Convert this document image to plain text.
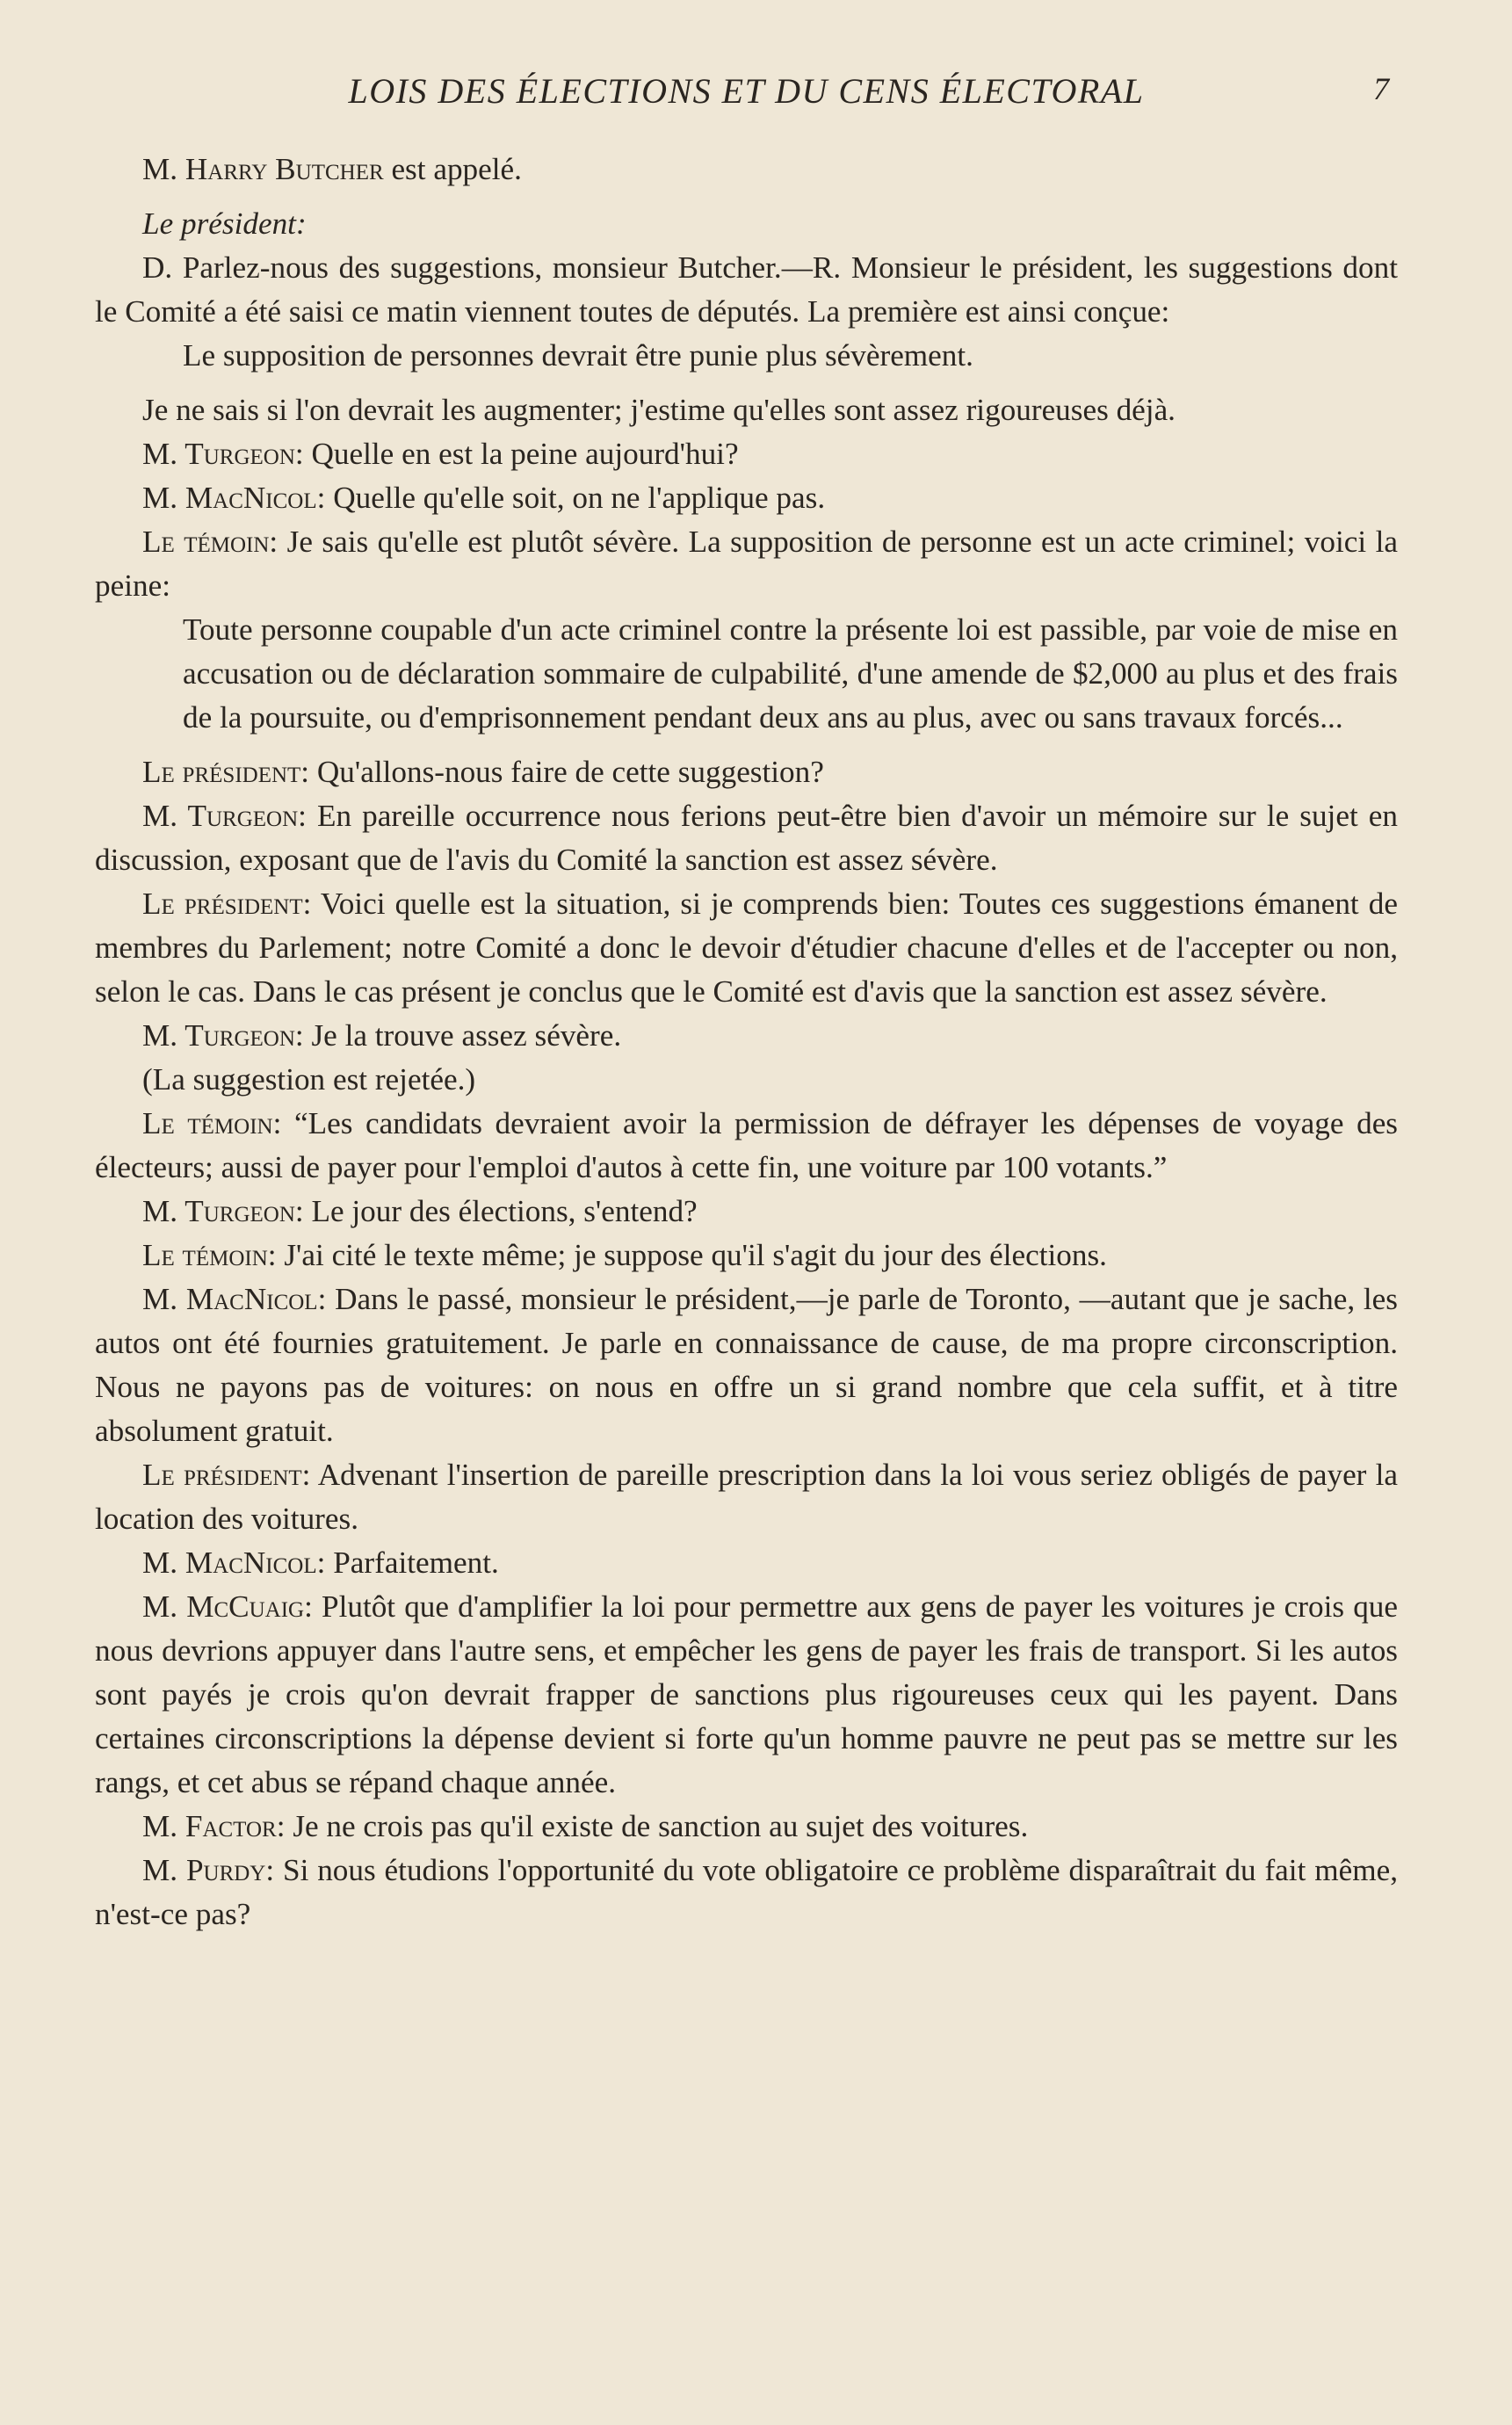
LOIS DES ÉLECTIONS ET DU CENS ÉLECTORAL	7

M. Harry Butcher est appelé.

Le président:

D. Parlez-nous des suggestions, monsieur Butcher.—R. Monsieur le président, les suggestions dont le Comité a été saisi ce matin viennent toutes de députés. La première est ainsi conçue:

Le supposition de personnes devrait être punie plus sévèrement.

Je ne sais si l'on devrait les augmenter; j'estime qu'elles sont assez rigoureuses déjà.

M. Turgeon: Quelle en est la peine aujourd'hui?

M. MacNicol: Quelle qu'elle soit, on ne l'applique pas.

Le témoin: Je sais qu'elle est plutôt sévère. La supposition de personne est un acte criminel; voici la peine:

Toute personne coupable d'un acte criminel contre la présente loi est passible, par voie de mise en accusation ou de déclaration sommaire de culpabilité, d'une amende de $2,000 au plus et des frais de la poursuite, ou d'emprisonnement pendant deux ans au plus, avec ou sans travaux forcés...

Le président: Qu'allons-nous faire de cette suggestion?

M. Turgeon: En pareille occurrence nous ferions peut-être bien d'avoir un mémoire sur le sujet en discussion, exposant que de l'avis du Comité la sanction est assez sévère.

Le président: Voici quelle est la situation, si je comprends bien: Toutes ces suggestions émanent de membres du Parlement; notre Comité a donc le devoir d'étudier chacune d'elles et de l'accepter ou non, selon le cas. Dans le cas présent je conclus que le Comité est d'avis que la sanction est assez sévère.

M. Turgeon: Je la trouve assez sévère.

(La suggestion est rejetée.)

Le témoin: “Les candidats devraient avoir la permission de défrayer les dépenses de voyage des électeurs; aussi de payer pour l'emploi d'autos à cette fin, une voiture par 100 votants.”

M. Turgeon: Le jour des élections, s'entend?

Le témoin: J'ai cité le texte même; je suppose qu'il s'agit du jour des élections.

M. MacNicol: Dans le passé, monsieur le président,—je parle de Toronto, —autant que je sache, les autos ont été fournies gratuitement. Je parle en connaissance de cause, de ma propre circonscription. Nous ne payons pas de voitures: on nous en offre un si grand nombre que cela suffit, et à titre absolument gratuit.

Le président: Advenant l'insertion de pareille prescription dans la loi vous seriez obligés de payer la location des voitures.

M. MacNicol: Parfaitement.

M. McCuaig: Plutôt que d'amplifier la loi pour permettre aux gens de payer les voitures je crois que nous devrions appuyer dans l'autre sens, et empêcher les gens de payer les frais de transport. Si les autos sont payés je crois qu'on devrait frapper de sanctions plus rigoureuses ceux qui les payent. Dans certaines circonscriptions la dépense devient si forte qu'un homme pauvre ne peut pas se mettre sur les rangs, et cet abus se répand chaque année.

M. Factor: Je ne crois pas qu'il existe de sanction au sujet des voitures.

M. Purdy: Si nous étudions l'opportunité du vote obligatoire ce problème disparaîtrait du fait même, n'est-ce pas?
